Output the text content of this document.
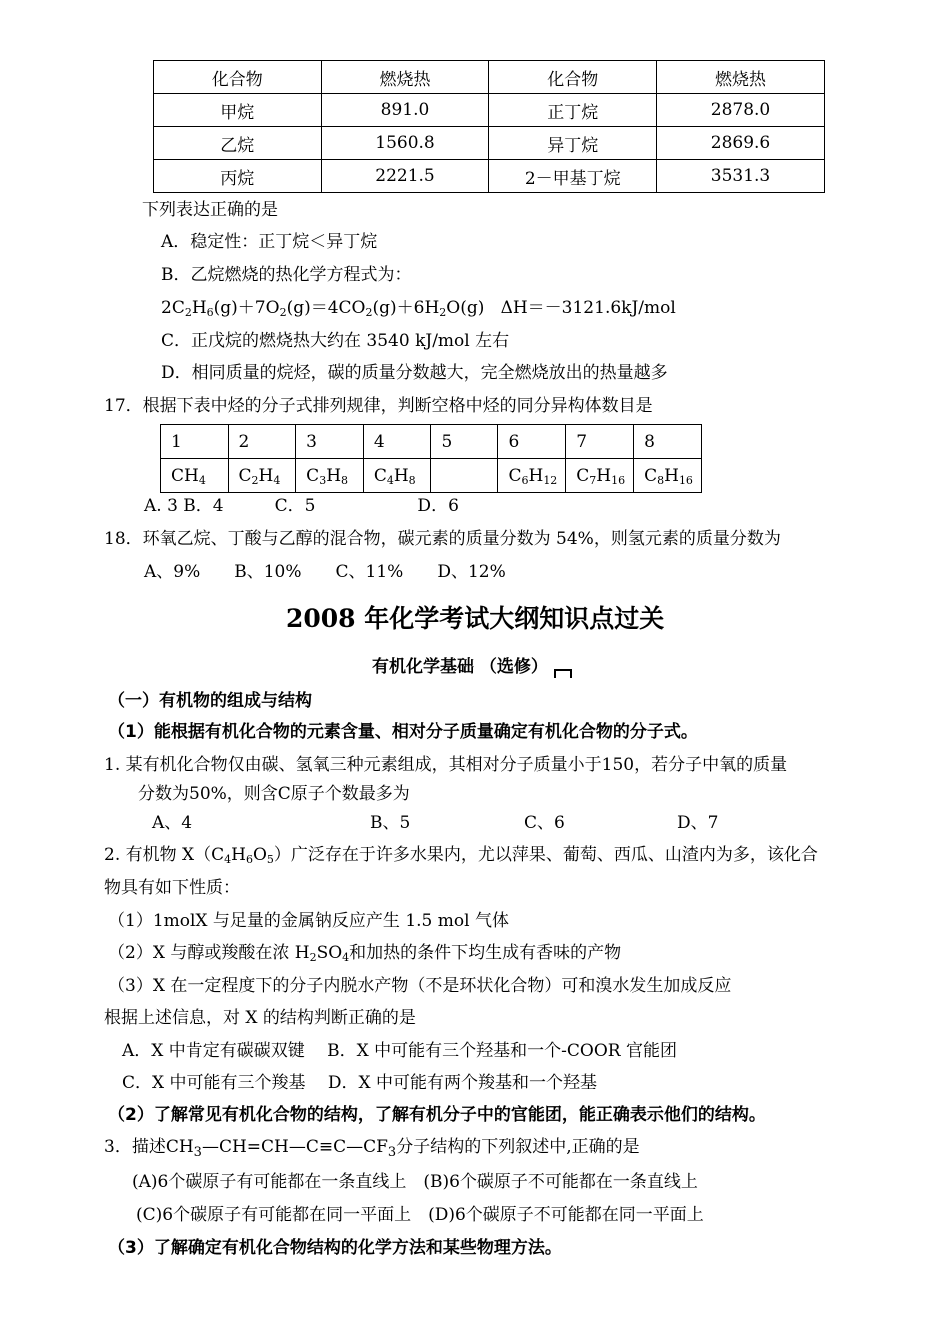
化合物	燃烧热	化合物	燃烧热
甲烷	891.0	正丁烷	2878.0
乙烷	1560.8	异丁烷	2869.6
丙烷	2221.5	2－甲基丁烷	3531.3
下列表达正确的是
A．稳定性：正丁烷＜异丁烷
B．乙烷燃烧的热化学方程式为：
$2C_2H_6(g)+7O_2(g)=4CO_2(g)+6H_2O(g)$   ΔH＝－3121.6kJ/mol
C．正戊烷的燃烧热大约在 3540 kJ/mol 左右
D．相同质量的烷烃，碳的质量分数越大，完全燃烧放出的热量越多
17．根据下表中烃的分子式排列规律，判断空格中烃的同分异构体数目是
1	2	3	4	5	6	7	8
$CH_4$	$C_2H_4$	$C_3H_8$	$C_4H_8$		$C_6H_{12}$	$C_7H_{16}$	$C_8H_{16}$
A. 3 B．4　　　C．5　　　　　　D．6
18．环氧乙烷、丁酸与乙醇的混合物，碳元素的质量分数为 54%，则氢元素的质量分数为
A、9%　　B、10%　　C、11%　　D、12%
2008 年化学考试大纲知识点过关
有机化学基础 （选修）
（一）有机物的组成与结构
（1）能根据有机化合物的元素含量、相对分子质量确定有机化合物的分子式。
1. 某有机化合物仅由碳、氢氧三种元素组成，其相对分子质量小于150，若分子中氧的质量
分数为50%，则含C原子个数最多为
A、4	B、5	C、6	D、7
2. 有机物 $X(C_4H_6O_5)$广泛存在于许多水果内，尤以萍果、葡萄、西瓜、山渣内为多，该化合
物具有如下性质：
（1）1molX 与足量的金属钠反应产生 1.5 mol 气体
（2）X 与醇或羧酸在浓 $H_2SO_4$和加热的条件下均生成有香味的产物
（3）X 在一定程度下的分子内脱水产物（不是环状化合物）可和溴水发生加成反应
根据上述信息，对 X 的结构判断正确的是
A．X 中肯定有碳碳双键　 B．X 中可能有三个羟基和一个-COOR 官能团
C．X 中可能有三个羧基　 D．X 中可能有两个羧基和一个羟基
（2）了解常见有机化合物的结构，了解有机分子中的官能团，能正确表示他们的结构。
3．描述$CH_3—CH=CH—C\equiv C—CF_3$分子结构的下列叙述中,正确的是
(A)6个碳原子有可能都在一条直线上　(B)6个碳原子不可能都在一条直线上
(C)6个碳原子有可能都在同一平面上　(D)6个碳原子不可能都在同一平面上
（3）了解确定有机化合物结构的化学方法和某些物理方法。
